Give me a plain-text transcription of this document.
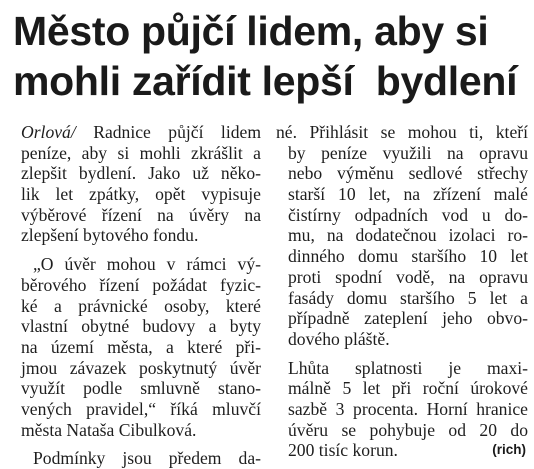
Město půjčí lidem, aby si
mohli zařídit lepší  bydlení
Orlová/ Radnice půjčí lidem
peníze, aby si mohli zkrášlit a
zlepšit bydlení. Jako už něko-
lik let zpátky, opět vypisuje
výběrové řízení na úvěry na
zlepšení bytového fondu.
„O úvěr mohou v rámci vý-
běrového řízení požádat fyzic-
ké a právnické osoby, které
vlastní obytné budovy a byty
na území města, a které při-
jmou závazek poskytnutý úvěr
využít podle smluvně stano-
vených pravidel,“ říká mluvčí
města Nataša Cibulková.
Podmínky jsou předem da-
né. Přihlásit se mohou ti, kteří
by peníze využili na opravu
nebo výměnu sedlové střechy
starší 10 let, na zřízení malé
čistírny odpadních vod u do-
mu, na dodatečnou izolaci ro-
dinného domu staršího 10 let
proti spodní vodě, na opravu
fasády domu staršího 5 let a
případně zateplení jeho obvo-
dového pláště.
Lhůta splatnosti je maxi-
málně 5 let při roční úrokové
sazbě 3 procenta. Horní hranice
úvěru se pohybuje od 20 do
200 tisíc korun.	(rich)
